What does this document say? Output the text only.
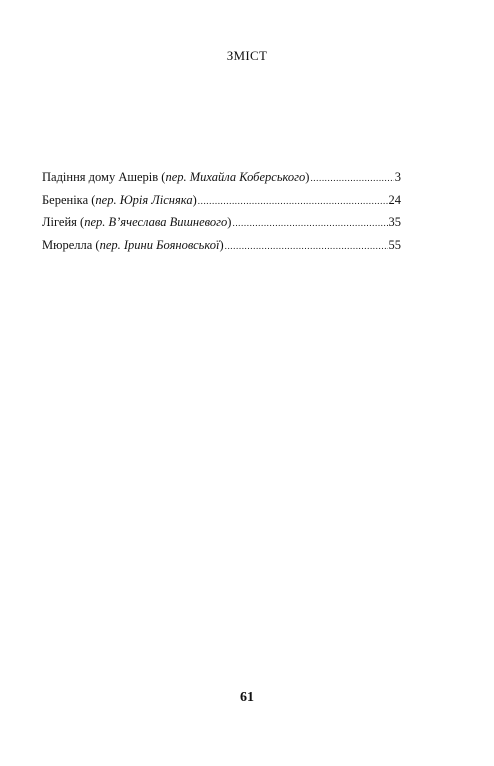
ЗМІСТ
Падіння дому Ашерів (пер. Михайла Коберського) .....	3
Береніка (пер. Юрія Лісняка) .....	24
Лігейя (пер. В’ячеслава Вишневого) .....	35
Мюрелла (пер. Ірини Бояновської) .....	55
61
